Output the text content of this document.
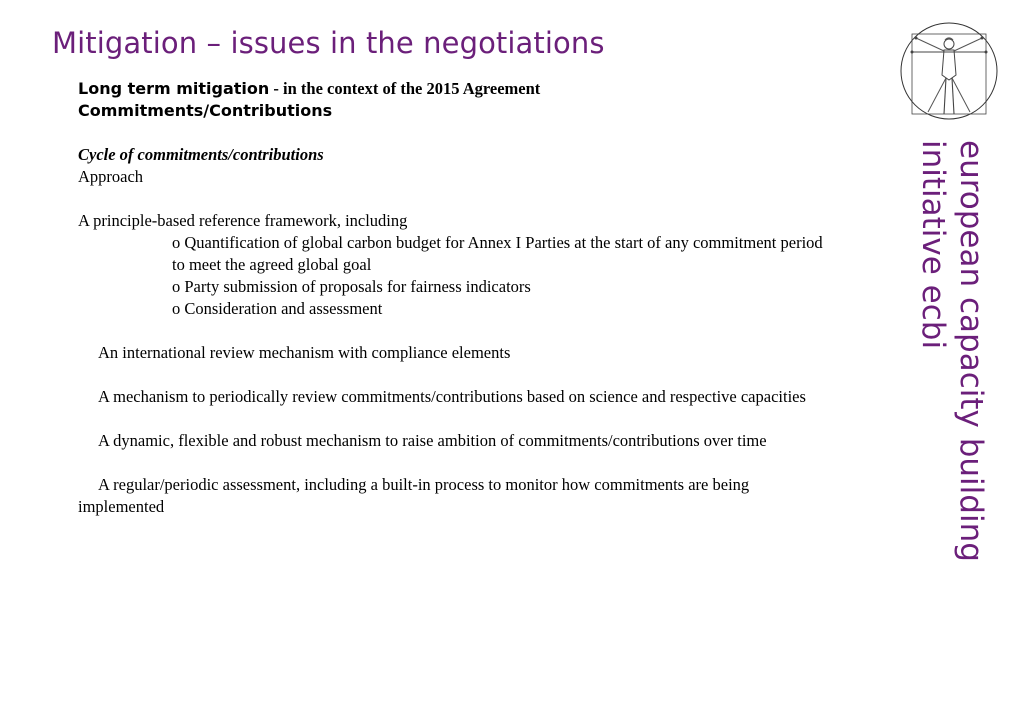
Mitigation – issues in the negotiations
Long term mitigation - in the context of the 2015 Agreement
Commitments/Contributions
Cycle of commitments/contributions
Approach
A principle-based reference framework, including
o Quantification of global carbon budget for Annex I Parties at the start of any commitment period
to meet the agreed global goal
o Party submission of proposals for fairness indicators
o Consideration and assessment
An international review mechanism with compliance elements
A mechanism to periodically review commitments/contributions based on science and respective capacities
A dynamic, flexible and robust mechanism to raise ambition of commitments/contributions over time
A regular/periodic assessment, including a built-in process to monitor how commitments are being
implemented	european capacity building
initiative ecbi
